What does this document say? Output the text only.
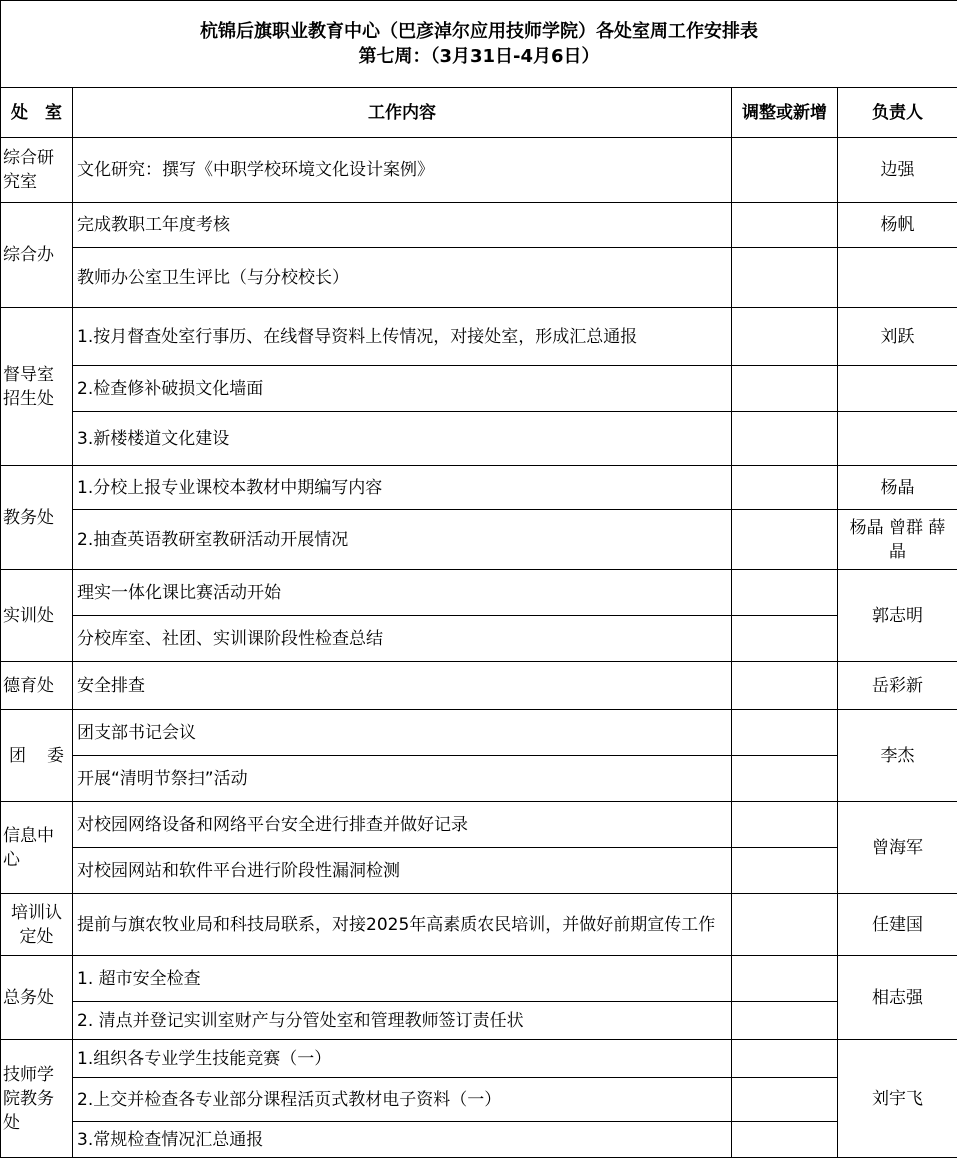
杭锦后旗职业教育中心（巴彦淖尔应用技师学院）各处室周工作安排表
第七周：（3月31日-4月6日）			

处 室	工作内容	调整或新增	负责人
综合研究室	文化研究：撰写《中职学校环境文化设计案例》		边强
综合办	完成教职工年度考核		杨帆
	教师办公室卫生评比（与分校校长）		
督导室招生处	1.按月督查处室行事历、在线督导资料上传情况，对接处室，形成汇总通报		刘跃
	2.检查修补破损文化墙面		
	3.新楼楼道文化建设		
教务处	1.分校上报专业课校本教材中期编写内容		杨晶
	2.抽查英语教研室教研活动开展情况		杨晶 曾群 薛晶
实训处	理实一体化课比赛活动开始		郭志明
	分校库室、社团、实训课阶段性检查总结		
德育处	安全排查		岳彩新

团 委	团支部书记会议		李杰
	开展“清明节祭扫”活动		
信息中心	对校园网络设备和网络平台安全进行排查并做好记录		曾海军
	对校园网站和软件平台进行阶段性漏洞检测		
培训认定处	提前与旗农牧业局和科技局联系，对接2025年高素质农民培训，并做好前期宣传工作		任建国
总务处	1. 超市安全检查		相志强
	2. 清点并登记实训室财产与分管处室和管理教师签订责任状		
技师学院教务处	1.组织各专业学生技能竞赛（一）		刘宇飞
	2.上交并检查各专业部分课程活页式教材电子资料（一）		
	3.常规检查情况汇总通报		
